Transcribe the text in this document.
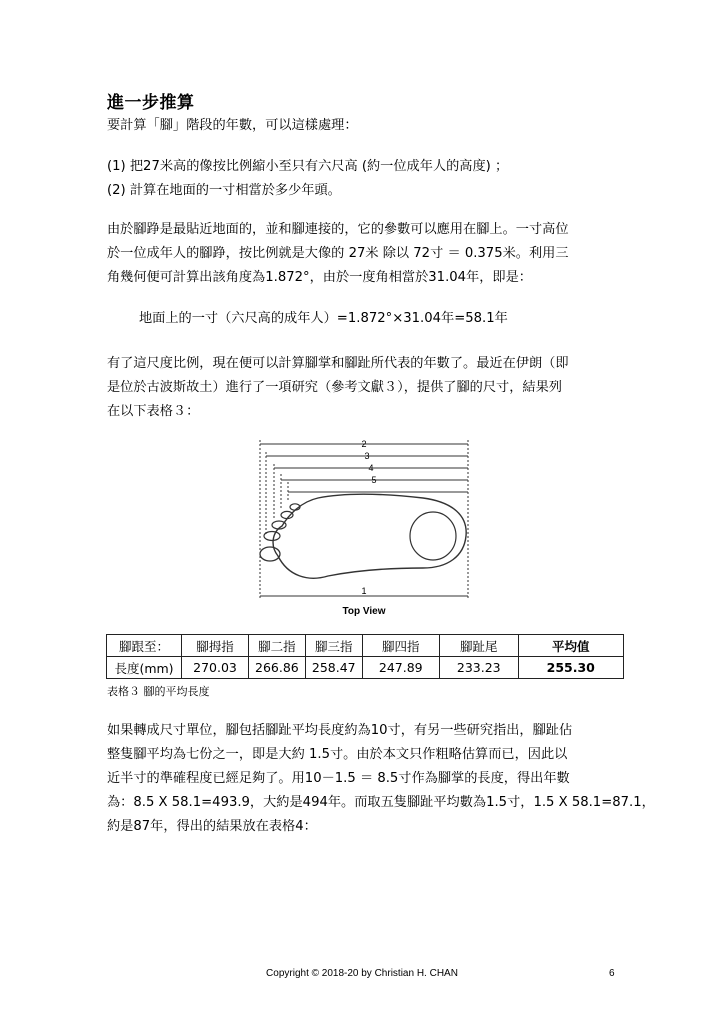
進一步推算
要計算「腳」階段的年數，可以這樣處理：
(1) 把27米高的像按比例縮小至只有六尺高 (約一位成年人的高度) ；
(2) 計算在地面的一寸相當於多少年頭。
由於腳踭是最貼近地面的，並和腳連接的，它的參數可以應用在腳上。一寸高位
於一位成年人的腳踭，按比例就是大像的 27米 除以 72寸 ＝ 0.375米。利用三
角幾何便可計算出該角度為1.872°，由於一度角相當於31.04年，即是：
地面上的一寸（六尺高的成年人）=1.872°×31.04年=58.1年
有了這尺度比例，現在便可以計算腳掌和腳趾所代表的年數了。最近在伊朗（即
是位於古波斯故土）進行了一項研究（參考文獻３），提供了腳的尺寸，結果列
在以下表格３：
2
3
4
5
1
Top View
腳跟至：	腳拇指	腳二指	腳三指	腳四指	腳趾尾	平均值
長度(mm)	270.03	266.86	258.47	247.89	233.23	255.30
表格３ 腳的平均長度
如果轉成尺寸單位，腳包括腳趾平均長度約為10寸，有另一些研究指出，腳趾佔
整隻腳平均為七份之一，即是大約 1.5寸。由於本文只作粗略估算而已，因此以
近半寸的準確程度已經足夠了。用10－1.5 ＝ 8.5寸作為腳掌的長度，得出年數
為：8.5 X 58.1=493.9，大約是494年。而取五隻腳趾平均數為1.5寸，1.5 X 58.1=87.1，
約是87年，得出的結果放在表格4：
Copyright © 2018-20 by Christian H. CHAN	6
